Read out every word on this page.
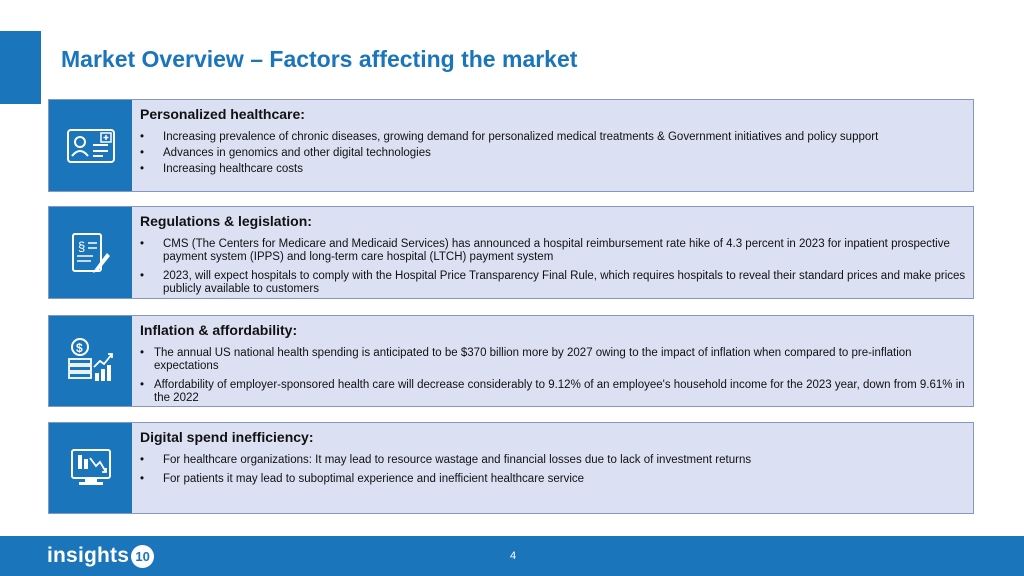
Market Overview – Factors affecting the market
Personalized healthcare:
• Increasing prevalence of chronic diseases, growing demand for personalized medical treatments & Government initiatives and policy support
• Advances in genomics and other digital technologies
• Increasing healthcare costs
§
Regulations & legislation:
• CMS (The Centers for Medicare and Medicaid Services) has announced a hospital reimbursement rate hike of 4.3 percent in 2023 for inpatient prospective payment system (IPPS) and long-term care hospital (LTCH) payment system
• 2023, will expect hospitals to comply with the Hospital Price Transparency Final Rule, which requires hospitals to reveal their standard prices and make prices publicly available to customers
$
Inflation & affordability:
• The annual US national health spending is anticipated to be $370 billion more by 2027 owing to the impact of inflation when compared to pre-inflation expectations
• Affordability of employer-sponsored health care will decrease considerably to 9.12% of an employee's household income for the 2023 year, down from 9.61% in the 2022
Digital spend inefficiency:
• For healthcare organizations: It may lead to resource wastage and financial losses due to lack of investment returns
• For patients it may lead to suboptimal experience and inefficient healthcare service
insights 10	4
